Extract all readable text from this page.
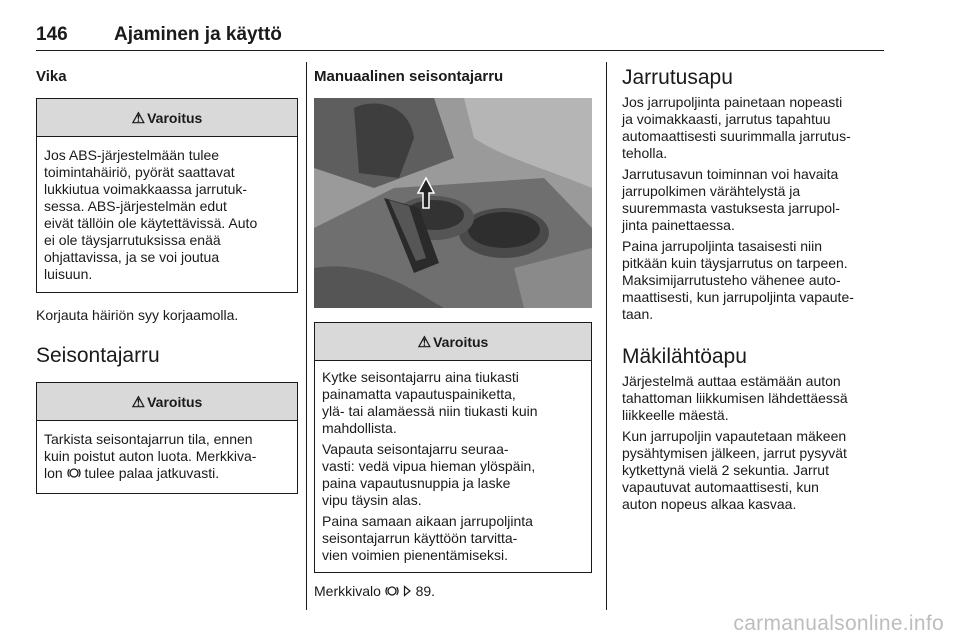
146 Ajaminen ja käyttö
Vika
⚠ Varoitus

Jos ABS-järjestelmään tulee
toimintahäiriö, pyörät saattavat
lukkiutua voimakkaassa jarrutuk-
sessa. ABS-järjestelmän edut
eivät tällöin ole käytettävissä. Auto
ei ole täysjarrutuksissa enää
ohjattavissa, ja se voi joutua
luisuun.

Korjauta häiriön syy korjaamolla.

Seisontajarru
⚠ Varoitus

Tarkista seisontajarrun tila, ennen
kuin poistut auton luota. Merkkiva-
lon tulee palaa jatkuvasti.

Manuaalinen seisontajarru
⚠ Varoitus

Kytke seisontajarru aina tiukasti
painamatta vapautuspainiketta,
ylä- tai alamäessä niin tiukasti kuin
mahdollista.

Vapauta seisontajarru seuraa-
vasti: vedä vipua hieman ylöspäin,
paina vapautusnuppia ja laske
vipu täysin alas.

Paina samaan aikaan jarrupoljinta
seisontajarrun käyttöön tarvitta-
vien voimien pienentämiseksi.

Merkkivalo 89.

Jarrutusapu

Jos jarrupoljinta painetaan nopeasti
ja voimakkaasti, jarrutus tapahtuu
automaattisesti suurimmalla jarrutus-
teholla.

Jarrutusavun toiminnan voi havaita
jarrupolkimen värähtelystä ja
suuremmasta vastuksesta jarrupol-
jinta painettaessa.

Paina jarrupoljinta tasaisesti niin
pitkään kuin täysjarrutus on tarpeen.
Maksimijarrutusteho vähenee auto-
maattisesti, kun jarrupoljinta vapaute-
taan.

Mäkilähtöapu

Järjestelmä auttaa estämään auton
tahattoman liikkumisen lähdettäessä
liikkeelle mäestä.

Kun jarrupoljin vapautetaan mäkeen
pysähtymisen jälkeen, jarrut pysyvät
kytkettynä vielä 2 sekuntia. Jarrut
vapautuvat automaattisesti, kun
auton nopeus alkaa kasvaa.

carmanualsonline.info
